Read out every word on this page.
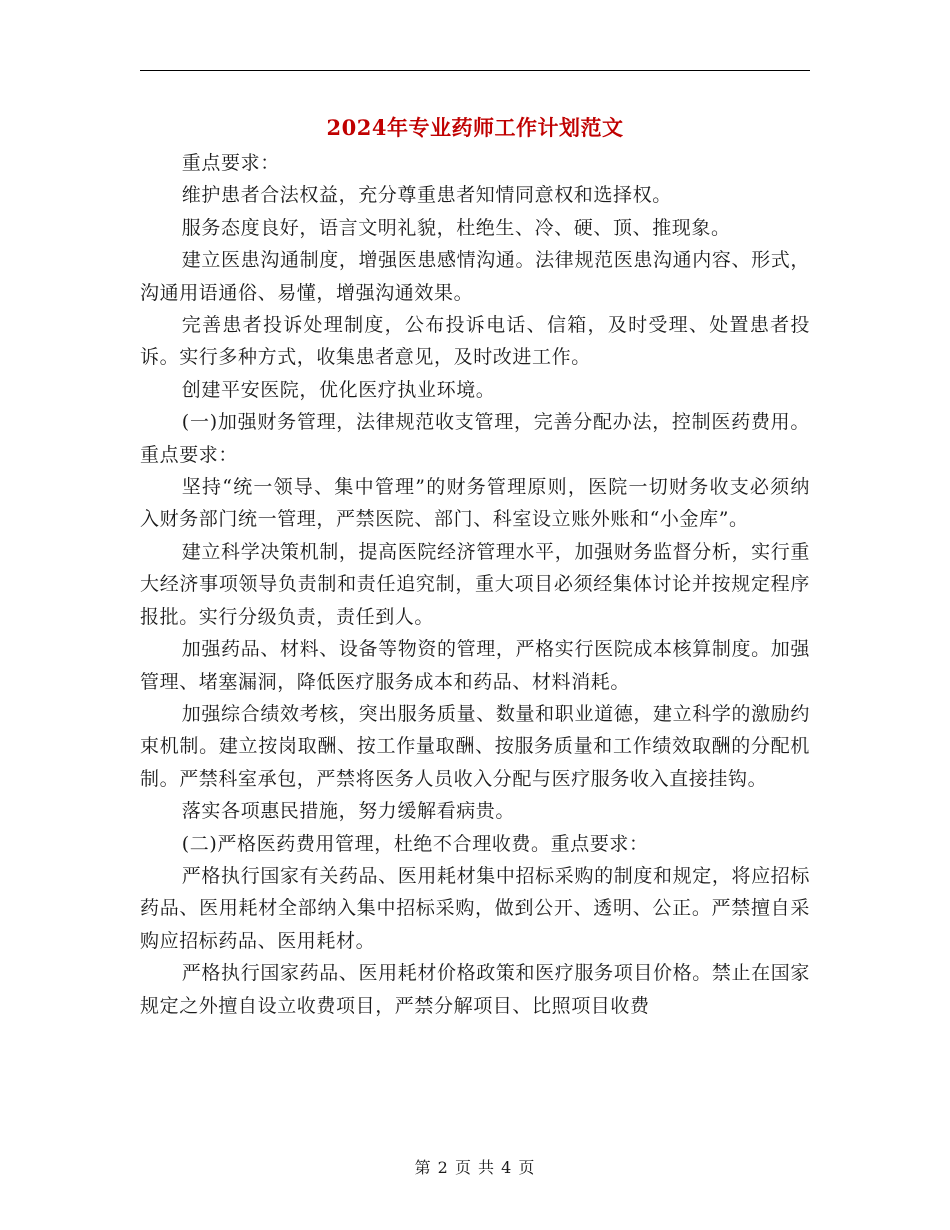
2024年专业药师工作计划范文

重点要求：

维护患者合法权益，充分尊重患者知情同意权和选择权。

服务态度良好，语言文明礼貌，杜绝生、冷、硬、顶、推现象。

建立医患沟通制度，增强医患感情沟通。法律规范医患沟通内容、形式，沟通用语通俗、易懂，增强沟通效果。

完善患者投诉处理制度，公布投诉电话、信箱，及时受理、处置患者投诉。实行多种方式，收集患者意见，及时改进工作。

创建平安医院，优化医疗执业环境。

(一)加强财务管理，法律规范收支管理，完善分配办法，控制医药费用。重点要求：

坚持“统一领导、集中管理”的财务管理原则，医院一切财务收支必须纳入财务部门统一管理，严禁医院、部门、科室设立账外账和“小金库”。

建立科学决策机制，提高医院经济管理水平，加强财务监督分析，实行重大经济事项领导负责制和责任追究制，重大项目必须经集体讨论并按规定程序报批。实行分级负责，责任到人。

加强药品、材料、设备等物资的管理，严格实行医院成本核算制度。加强管理、堵塞漏洞，降低医疗服务成本和药品、材料消耗。

加强综合绩效考核，突出服务质量、数量和职业道德，建立科学的激励约束机制。建立按岗取酬、按工作量取酬、按服务质量和工作绩效取酬的分配机制。严禁科室承包，严禁将医务人员收入分配与医疗服务收入直接挂钩。

落实各项惠民措施，努力缓解看病贵。

(二)严格医药费用管理，杜绝不合理收费。重点要求：

严格执行国家有关药品、医用耗材集中招标采购的制度和规定，将应招标药品、医用耗材全部纳入集中招标采购，做到公开、透明、公正。严禁擅自采购应招标药品、医用耗材。

严格执行国家药品、医用耗材价格政策和医疗服务项目价格。禁止在国家规定之外擅自设立收费项目，严禁分解项目、比照项目收费

第 2 页 共 4 页
